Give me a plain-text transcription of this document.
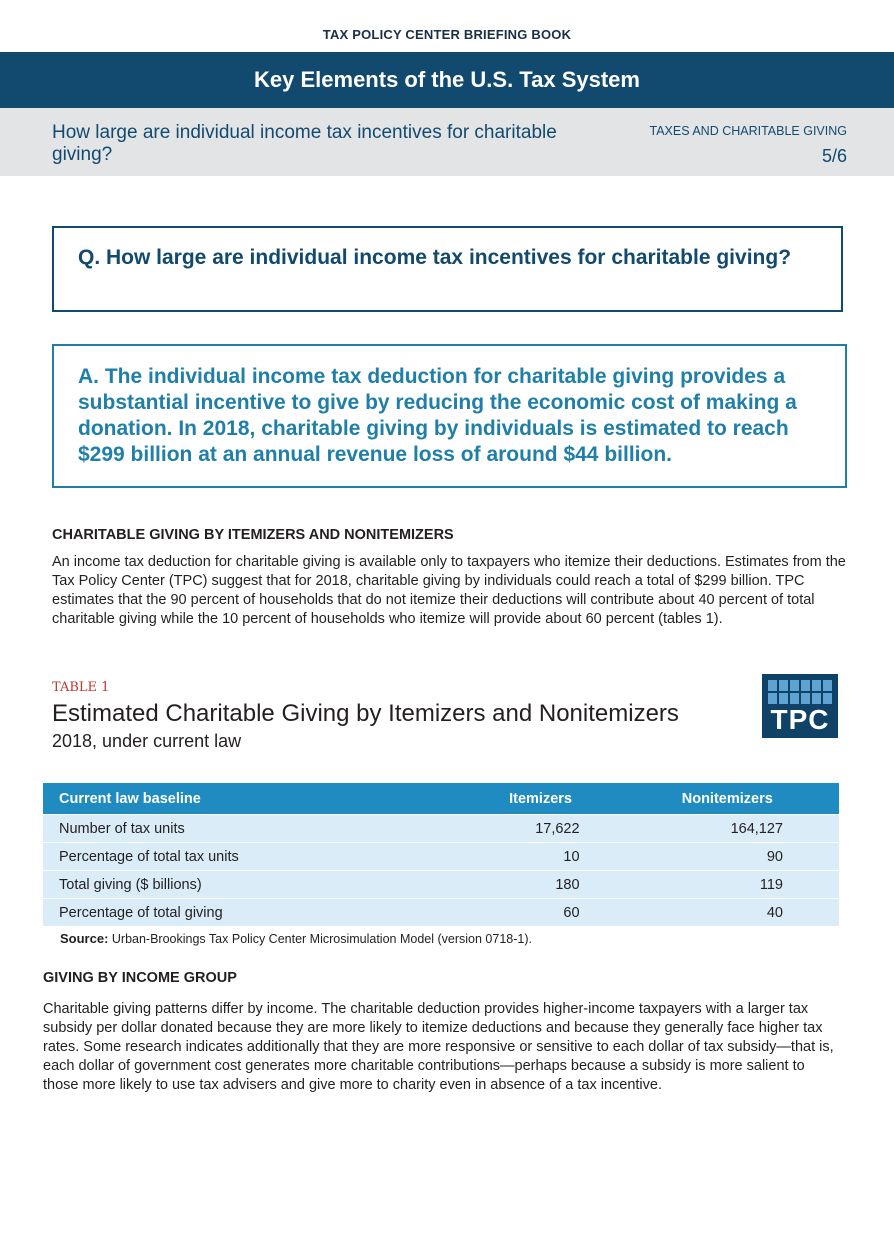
TAX POLICY CENTER BRIEFING BOOK
Key Elements of the U.S. Tax System
How large are individual income tax incentives for charitable giving?
TAXES AND CHARITABLE GIVING
5/6

Q. How large are individual income tax incentives for charitable giving?

A. The individual income tax deduction for charitable giving provides a substantial incentive to give by reducing the economic cost of making a donation. In 2018, charitable giving by individuals is estimated to reach $299 billion at an annual revenue loss of around $44 billion.

CHARITABLE GIVING BY ITEMIZERS AND NONITEMIZERS

An income tax deduction for charitable giving is available only to taxpayers who itemize their deductions. Estimates from the Tax Policy Center (TPC) suggest that for 2018, charitable giving by individuals could reach a total of $299 billion. TPC estimates that the 90 percent of households that do not itemize their deductions will contribute about 40 percent of total charitable giving while the 10 percent of households who itemize will provide about 60 percent (tables 1).

TABLE 1
Estimated Charitable Giving by Itemizers and Nonitemizers
2018, under current law
TPC
Current law baseline	Itemizers	Nonitemizers
Number of tax units	17,622	164,127
Percentage of total tax units	10	90
Total giving ($ billions)	180	119
Percentage of total giving	60	40
Source: Urban-Brookings Tax Policy Center Microsimulation Model (version 0718-1).
GIVING BY INCOME GROUP

Charitable giving patterns differ by income. The charitable deduction provides higher-income taxpayers with a larger tax subsidy per dollar donated because they are more likely to itemize deductions and because they generally face higher tax rates. Some research indicates additionally that they are more responsive or sensitive to each dollar of tax subsidy—that is, each dollar of government cost generates more charitable contributions—perhaps because a subsidy is more salient to those more likely to use tax advisers and give more to charity even in absence of a tax incentive.
